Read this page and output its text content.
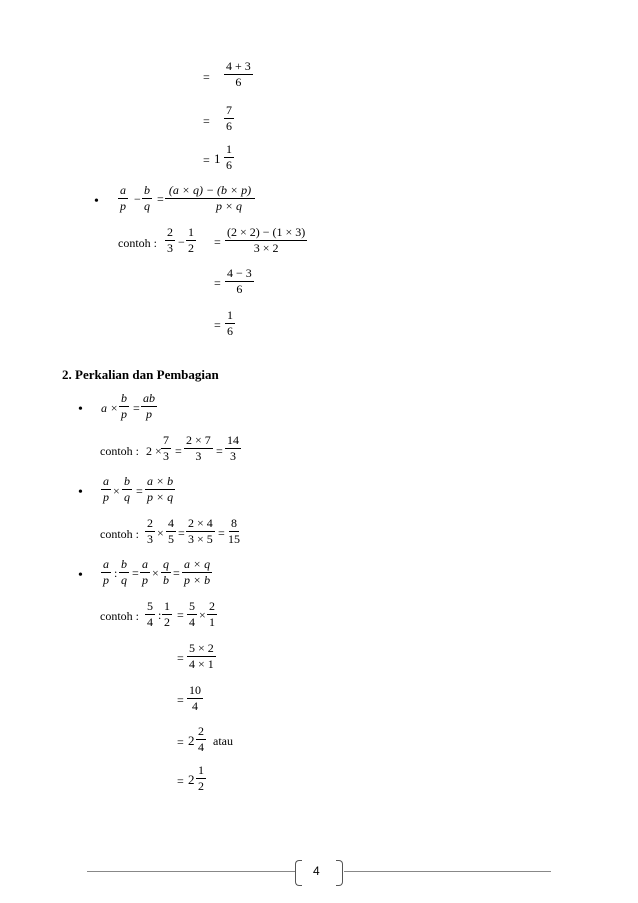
= $\frac{4 + 3}{6}$
= $\frac{7}{6}$
= $1 \frac{1}{6}$
• $\frac{a}{p} - \frac{b}{q} = \frac{(a \times q) - (b \times p)}{p \times q}$
contoh : $\frac{2}{3} - \frac{1}{2} = \frac{(2 \times 2) - (1 \times 3)}{3 \times 2}$
= $\frac{4 - 3}{6}$
= $\frac{1}{6}$
2. Perkalian dan Pembagian
• $a \times \frac{b}{p} = \frac{ab}{p}$
contoh : $2 \times \frac{7}{3} = \frac{2 \times 7}{3} = \frac{14}{3}$
• $\frac{a}{p} \times \frac{b}{q} = \frac{a \times b}{p \times q}$
contoh : $\frac{2}{3} \times \frac{4}{5} = \frac{2 \times 4}{3 \times 5} = \frac{8}{15}$
• $\frac{a}{p}$ : $\frac{b}{q} = \frac{a}{p} \times \frac{q}{b} = \frac{a \times q}{p \times b}$
contoh : $\frac{5}{4}$ : $\frac{1}{2} = \frac{5}{4} \times \frac{2}{1}$
= $\frac{5 \times 2}{4 \times 1}$
= $\frac{10}{4}$
= $2 \frac{2}{4}$ atau
= $2 \frac{1}{2}$
4
